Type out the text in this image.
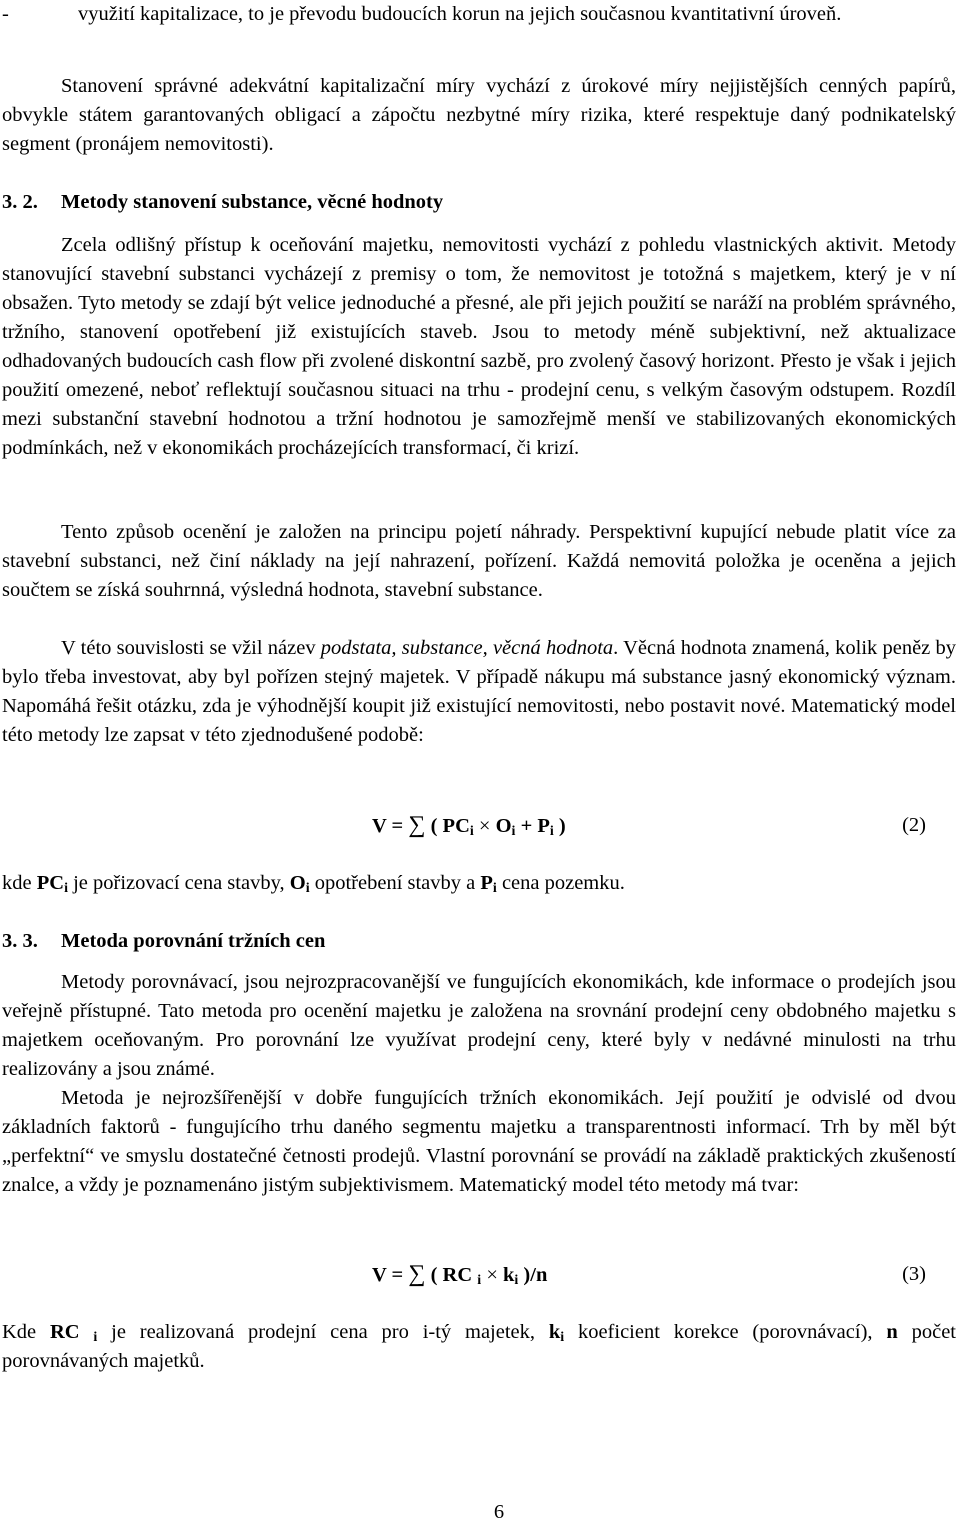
-	využití kapitalizace, to je převodu budoucích korun na jejich současnou kvantitativní úroveň.

Stanovení správné adekvátní kapitalizační míry vychází z úrokové míry nejjistějších cenných papírů, obvykle státem garantovaných obligací a zápočtu nezbytné míry rizika, které respektuje daný podnikatelský segment (pronájem nemovitosti).

3. 2. Metody stanovení substance, věcné hodnoty

Zcela odlišný přístup k oceňování majetku, nemovitosti vychází z pohledu vlastnických aktivit. Metody stanovující stavební substanci vycházejí z premisy o tom, že nemovitost je totožná s majetkem, který je v ní obsažen. Tyto metody se zdají být velice jednoduché a přesné, ale při jejich použití se naráží na problém správného, tržního, stanovení opotřebení již existujících staveb. Jsou to metody méně subjektivní, než aktualizace odhadovaných budoucích cash flow při zvolené diskontní sazbě, pro zvolený časový horizont. Přesto je však i jejich použití omezené, neboť reflektují současnou situaci na trhu - prodejní cenu, s velkým časovým odstupem. Rozdíl mezi substanční stavební hodnotou a tržní hodnotou je samozřejmě menší ve stabilizovaných ekonomických podmínkách, než v ekonomikách procházejících transformací, či krizí.

Tento způsob ocenění je založen na principu pojetí náhrady. Perspektivní kupující nebude platit více za stavební substanci, než činí náklady na její nahrazení, pořízení. Každá nemovitá položka je oceněna a jejich součtem se získá souhrnná, výsledná hodnota, stavební substance.

V této souvislosti se vžil název podstata, substance, věcná hodnota. Věcná hodnota znamená, kolik peněz by bylo třeba investovat, aby byl pořízen stejný majetek. V případě nákupu má substance jasný ekonomický význam. Napomáhá řešit otázku, zda je výhodnější koupit již existující nemovitosti, nebo postavit nové. Matematický model této metody lze zapsat v této zjednodušené podobě:

V = ∑ ( $PC_i \times O_i + P_i$ )	(2)

kde $PC_i$ je pořizovací cena stavby, $O_i$ opotřebení stavby a $P_i$ cena pozemku.

3. 3. Metoda porovnání tržních cen

Metody porovnávací, jsou nejrozpracovanější ve fungujících ekonomikách, kde informace o prodejích jsou veřejně přístupné. Tato metoda pro ocenění majetku je založena na srovnání prodejní ceny obdobného majetku s majetkem oceňovaným. Pro porovnání lze využívat prodejní ceny, které byly v nedávné minulosti na trhu realizovány a jsou známé.

Metoda je nejrozšířenější v dobře fungujících tržních ekonomikách. Její použití je odvislé od dvou základních faktorů - fungujícího trhu daného segmentu majetku a transparentnosti informací. Trh by měl být „perfektní“ ve smyslu dostatečné četnosti prodejů. Vlastní porovnání se provádí na základě praktických zkušeností znalce, a vždy je poznamenáno jistým subjektivismem. Matematický model této metody má tvar:

V = ∑ ( RC $_i \times k_i$ )/n	(3)

Kde RC $_i$ je realizovaná prodejní cena pro i-tý majetek, $k_i$ koeficient korekce (porovnávací), n počet porovnávaných majetků.

6
